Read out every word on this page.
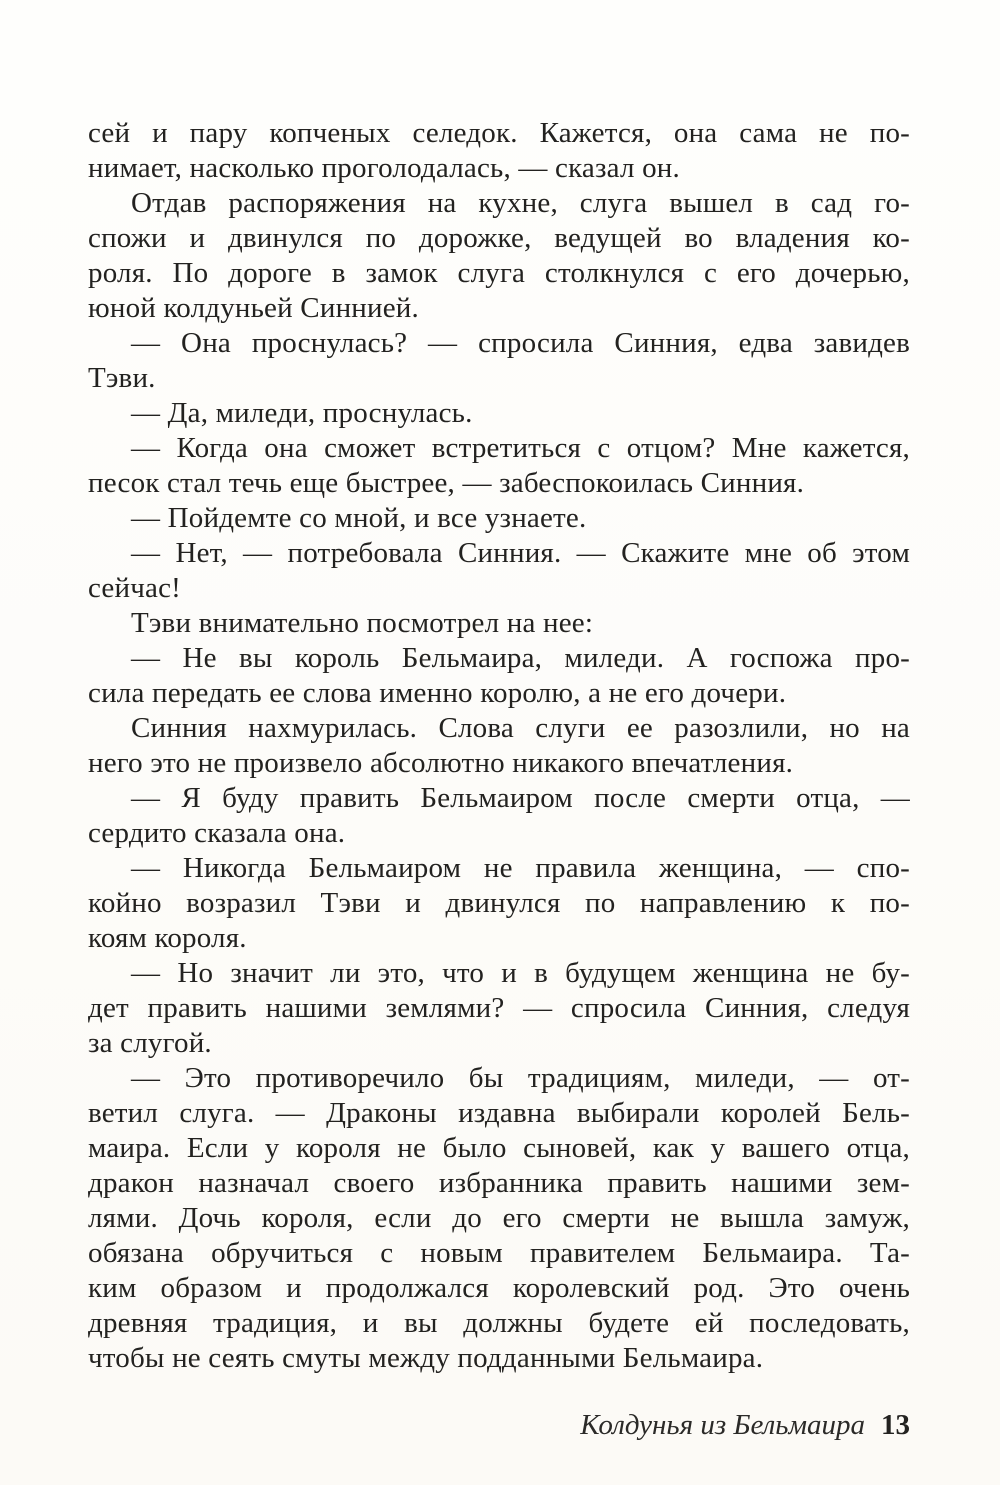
сей и пару копченых селедок. Кажется, она сама не по-
нимает, насколько проголодалась, — сказал он.
Отдав распоряжения на кухне, слуга вышел в сад го-
спожи и двинулся по дорожке, ведущей во владения ко-
роля. По дороге в замок слуга столкнулся с его дочерью,
юной колдуньей Синнией.
— Она проснулась? — спросила Синния, едва завидев
Тэви.
— Да, миледи, проснулась.
— Когда она сможет встретиться с отцом? Мне кажется,
песок стал течь еще быстрее, — забеспокоилась Синния.
— Пойдемте со мной, и все узнаете.
— Нет, — потребовала Синния. — Скажите мне об этом
сейчас!
Тэви внимательно посмотрел на нее:
— Не вы король Бельмаира, миледи. А госпожа про-
сила передать ее слова именно королю, а не его дочери.
Синния нахмурилась. Слова слуги ее разозлили, но на
него это не произвело абсолютно никакого впечатления.
— Я буду править Бельмаиром после смерти отца, —
сердито сказала она.
— Никогда Бельмаиром не правила женщина, — спо-
койно возразил Тэви и двинулся по направлению к по-
коям короля.
— Но значит ли это, что и в будущем женщина не бу-
дет править нашими землями? — спросила Синния, следуя
за слугой.
— Это противоречило бы традициям, миледи, — от-
ветил слуга. — Драконы издавна выбирали королей Бель-
маира. Если у короля не было сыновей, как у вашего отца,
дракон назначал своего избранника править нашими зем-
лями. Дочь короля, если до его смерти не вышла замуж,
обязана обручиться с новым правителем Бельмаира. Та-
ким образом и продолжался королевский род. Это очень
древняя традиция, и вы должны будете ей последовать,
чтобы не сеять смуты между подданными Бельмаира.
Колдунья из Бельмаира 13
